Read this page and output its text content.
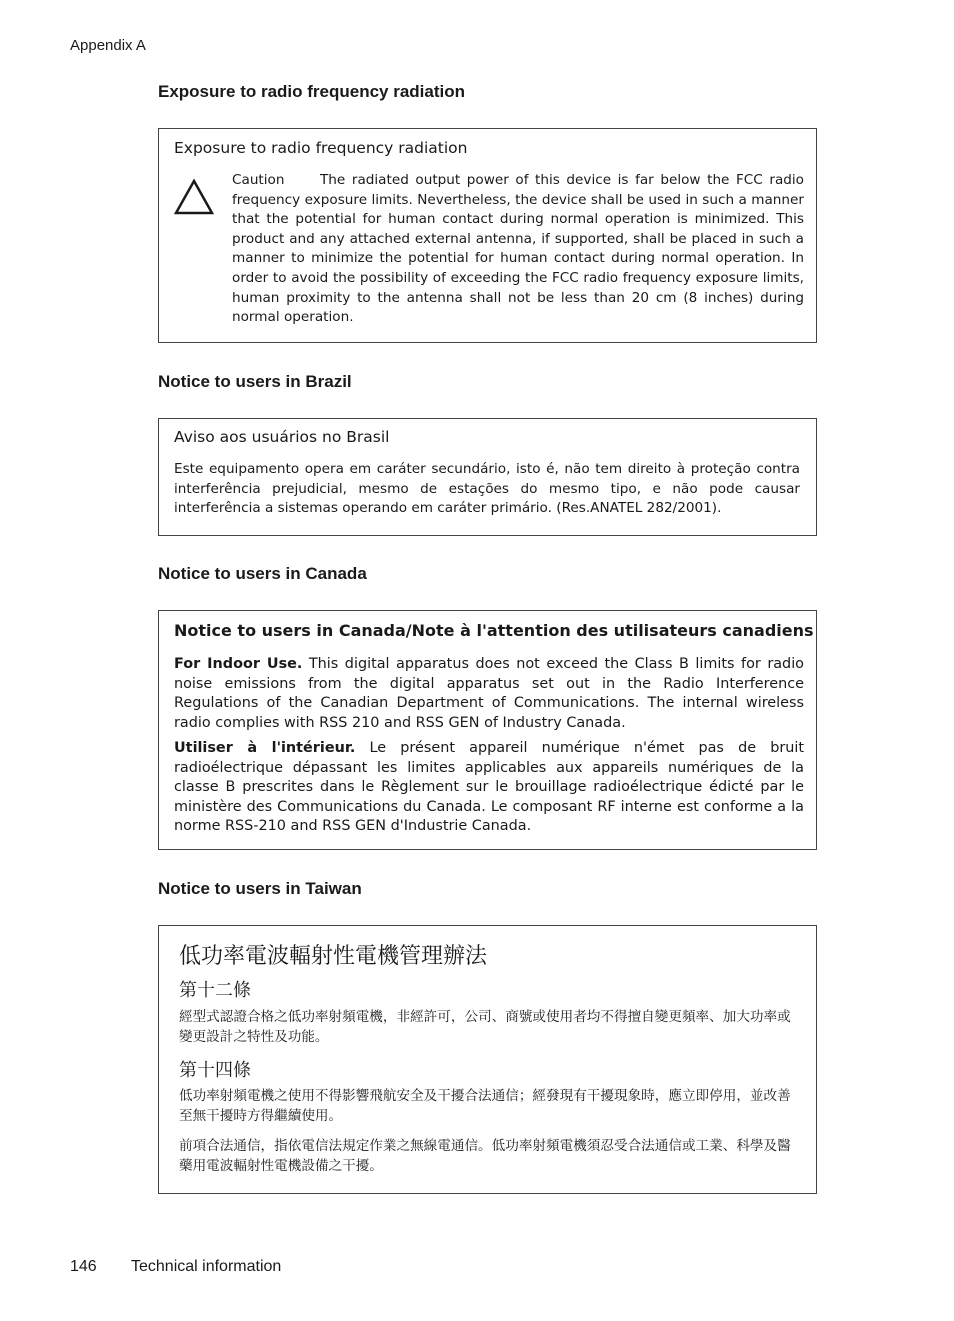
Appendix A
Exposure to radio frequency radiation
Exposure to radio frequency radiation
Caution	The radiated output power of this device is far below the FCC radio frequency exposure limits. Nevertheless, the device shall be used in such a manner that the potential for human contact during normal operation is minimized. This product and any attached external antenna, if supported, shall be placed in such a manner to minimize the potential for human contact during normal operation. In order to avoid the possibility of exceeding the FCC radio frequency exposure limits, human proximity to the antenna shall not be less than 20 cm (8 inches) during normal operation.
Notice to users in Brazil
Aviso aos usuários no Brasil
Este equipamento opera em caráter secundário, isto é, não tem direito à proteção contra interferência prejudicial, mesmo de estações do mesmo tipo, e não pode causar interferência a sistemas operando em caráter primário. (Res.ANATEL 282/2001).
Notice to users in Canada
Notice to users in Canada/Note à l'attention des utilisateurs canadiens
For Indoor Use. This digital apparatus does not exceed the Class B limits for radio noise emissions from the digital apparatus set out in the Radio Interference Regulations of the Canadian Department of Communications. The internal wireless radio complies with RSS 210 and RSS GEN of Industry Canada.
Utiliser à l'intérieur. Le présent appareil numérique n'émet pas de bruit radioélectrique dépassant les limites applicables aux appareils numériques de la classe B prescrites dans le Règlement sur le brouillage radioélectrique édicté par le ministère des Communications du Canada. Le composant RF interne est conforme a la norme RSS-210 and RSS GEN d'Industrie Canada.
Notice to users in Taiwan
低功率電波輻射性電機管理辦法
第十二條
經型式認證合格之低功率射頻電機，非經許可，公司、商號或使用者均不得擅自變更頻率、加大功率或變更設計之特性及功能。
第十四條
低功率射頻電機之使用不得影響飛航安全及干擾合法通信；經發現有干擾現象時，應立即停用，並改善至無干擾時方得繼續使用。
前項合法通信，指依電信法規定作業之無線電通信。低功率射頻電機須忍受合法通信或工業、科學及醫藥用電波輻射性電機設備之干擾。
146 Technical information
